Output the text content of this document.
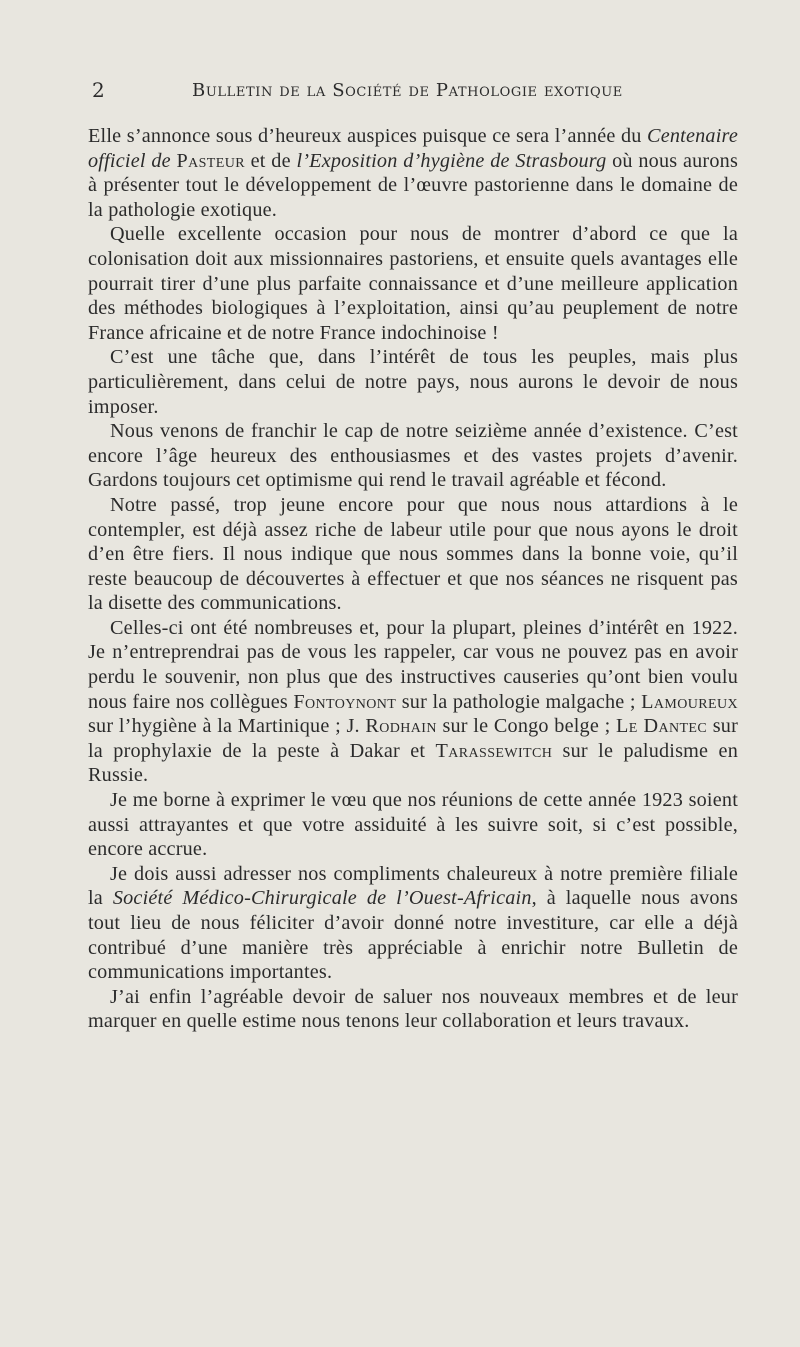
2	Bulletin de la Société de Pathologie exotique

Elle s’annonce sous d’heureux auspices puisque ce sera l’année du Centenaire officiel de Pasteur et de l’Exposition d’hygiène de Strasbourg où nous aurons à présenter tout le développement de l’œuvre pastorienne dans le domaine de la pathologie exotique.

Quelle excellente occasion pour nous de montrer d’abord ce que la colonisation doit aux missionnaires pastoriens, et ensuite quels avantages elle pourrait tirer d’une plus parfaite connaissance et d’une meilleure application des méthodes biologiques à l’exploitation, ainsi qu’au peuplement de notre France africaine et de notre France indochinoise !

C’est une tâche que, dans l’intérêt de tous les peuples, mais plus particulièrement, dans celui de notre pays, nous aurons le devoir de nous imposer.

Nous venons de franchir le cap de notre seizième année d’existence. C’est encore l’âge heureux des enthousiasmes et des vastes projets d’avenir. Gardons toujours cet optimisme qui rend le travail agréable et fécond.

Notre passé, trop jeune encore pour que nous nous attardions à le contempler, est déjà assez riche de labeur utile pour que nous ayons le droit d’en être fiers. Il nous indique que nous sommes dans la bonne voie, qu’il reste beaucoup de découvertes à effectuer et que nos séances ne risquent pas la disette des communications.

Celles-ci ont été nombreuses et, pour la plupart, pleines d’intérêt en 1922. Je n’entreprendrai pas de vous les rappeler, car vous ne pouvez pas en avoir perdu le souvenir, non plus que des instructives causeries qu’ont bien voulu nous faire nos collègues Fontoynont sur la pathologie malgache ; Lamoureux sur l’hygiène à la Martinique ; J. Rodhain sur le Congo belge ; Le Dantec sur la prophylaxie de la peste à Dakar et Tarassewitch sur le paludisme en Russie.

Je me borne à exprimer le vœu que nos réunions de cette année 1923 soient aussi attrayantes et que votre assiduité à les suivre soit, si c’est possible, encore accrue.

Je dois aussi adresser nos compliments chaleureux à notre première filiale la Société Médico-Chirurgicale de l’Ouest-Africain, à laquelle nous avons tout lieu de nous féliciter d’avoir donné notre investiture, car elle a déjà contribué d’une manière très appréciable à enrichir notre Bulletin de communications importantes.

J’ai enfin l’agréable devoir de saluer nos nouveaux membres et de leur marquer en quelle estime nous tenons leur collaboration et leurs travaux.
